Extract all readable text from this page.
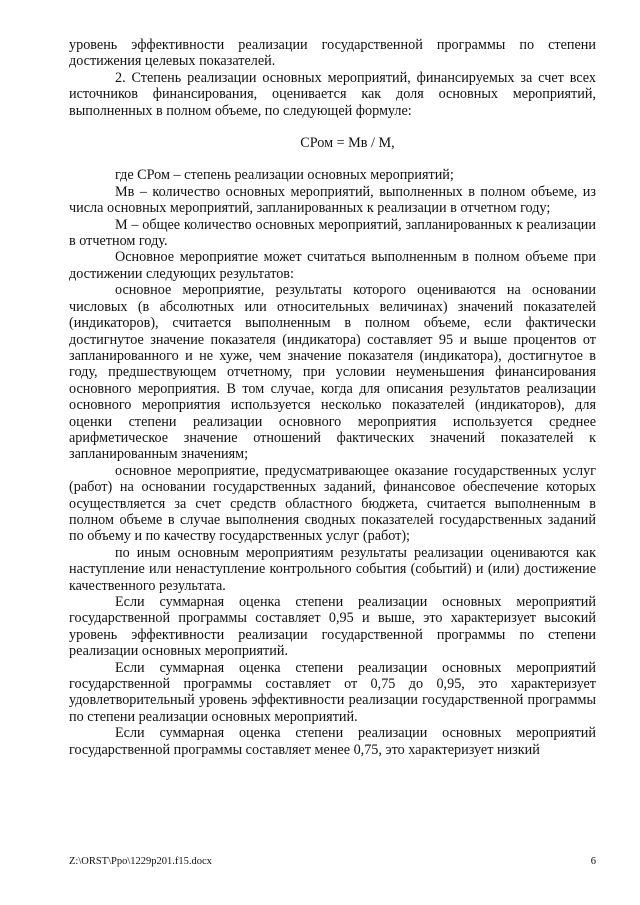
уровень эффективности реализации государственной программы по степени достижения целевых показателей.

2. Степень реализации основных мероприятий, финансируемых за счет всех источников финансирования, оценивается как доля основных мероприятий, выполненных в полном объеме, по следующей формуле:

СРом = Мв / М,

где СРом – степень реализации основных мероприятий;

Мв – количество основных мероприятий, выполненных в полном объеме, из числа основных мероприятий, запланированных к реализации в отчетном году;

М – общее количество основных мероприятий, запланированных к реализации в отчетном году.

Основное мероприятие может считаться выполненным в полном объеме при достижении следующих результатов:

основное мероприятие, результаты которого оцениваются на основании числовых (в абсолютных или относительных величинах) значений показателей (индикаторов), считается выполненным в полном объеме, если фактически достигнутое значение показателя (индикатора) составляет 95 и выше процентов от запланированного и не хуже, чем значение показателя (индикатора), достигнутое в году, предшествующем отчетному, при условии неуменьшения финансирования основного мероприятия. В том случае, когда для описания результатов реализации основного мероприятия используется несколько показателей (индикаторов), для оценки степени реализации основного мероприятия используется среднее арифметическое значение отношений фактических значений показателей к запланированным значениям;

основное мероприятие, предусматривающее оказание государственных услуг (работ) на основании государственных заданий, финансовое обеспечение которых осуществляется за счет средств областного бюджета, считается выполненным в полном объеме в случае выполнения сводных показателей государственных заданий по объему и по качеству государственных услуг (работ);

по иным основным мероприятиям результаты реализации оцениваются как наступление или ненаступление контрольного события (событий) и (или) достижение качественного результата.

Если суммарная оценка степени реализации основных мероприятий государственной программы составляет 0,95 и выше, это характеризует высокий уровень эффективности реализации государственной программы по степени реализации основных мероприятий.

Если суммарная оценка степени реализации основных мероприятий государственной программы составляет от 0,75 до 0,95, это характеризует удовлетворительный уровень эффективности реализации государственной программы по степени реализации основных мероприятий.

Если суммарная оценка степени реализации основных мероприятий государственной программы составляет менее 0,75, это характеризует низкий

Z:\ORST\Ppo\1229p201.f15.docx	6
